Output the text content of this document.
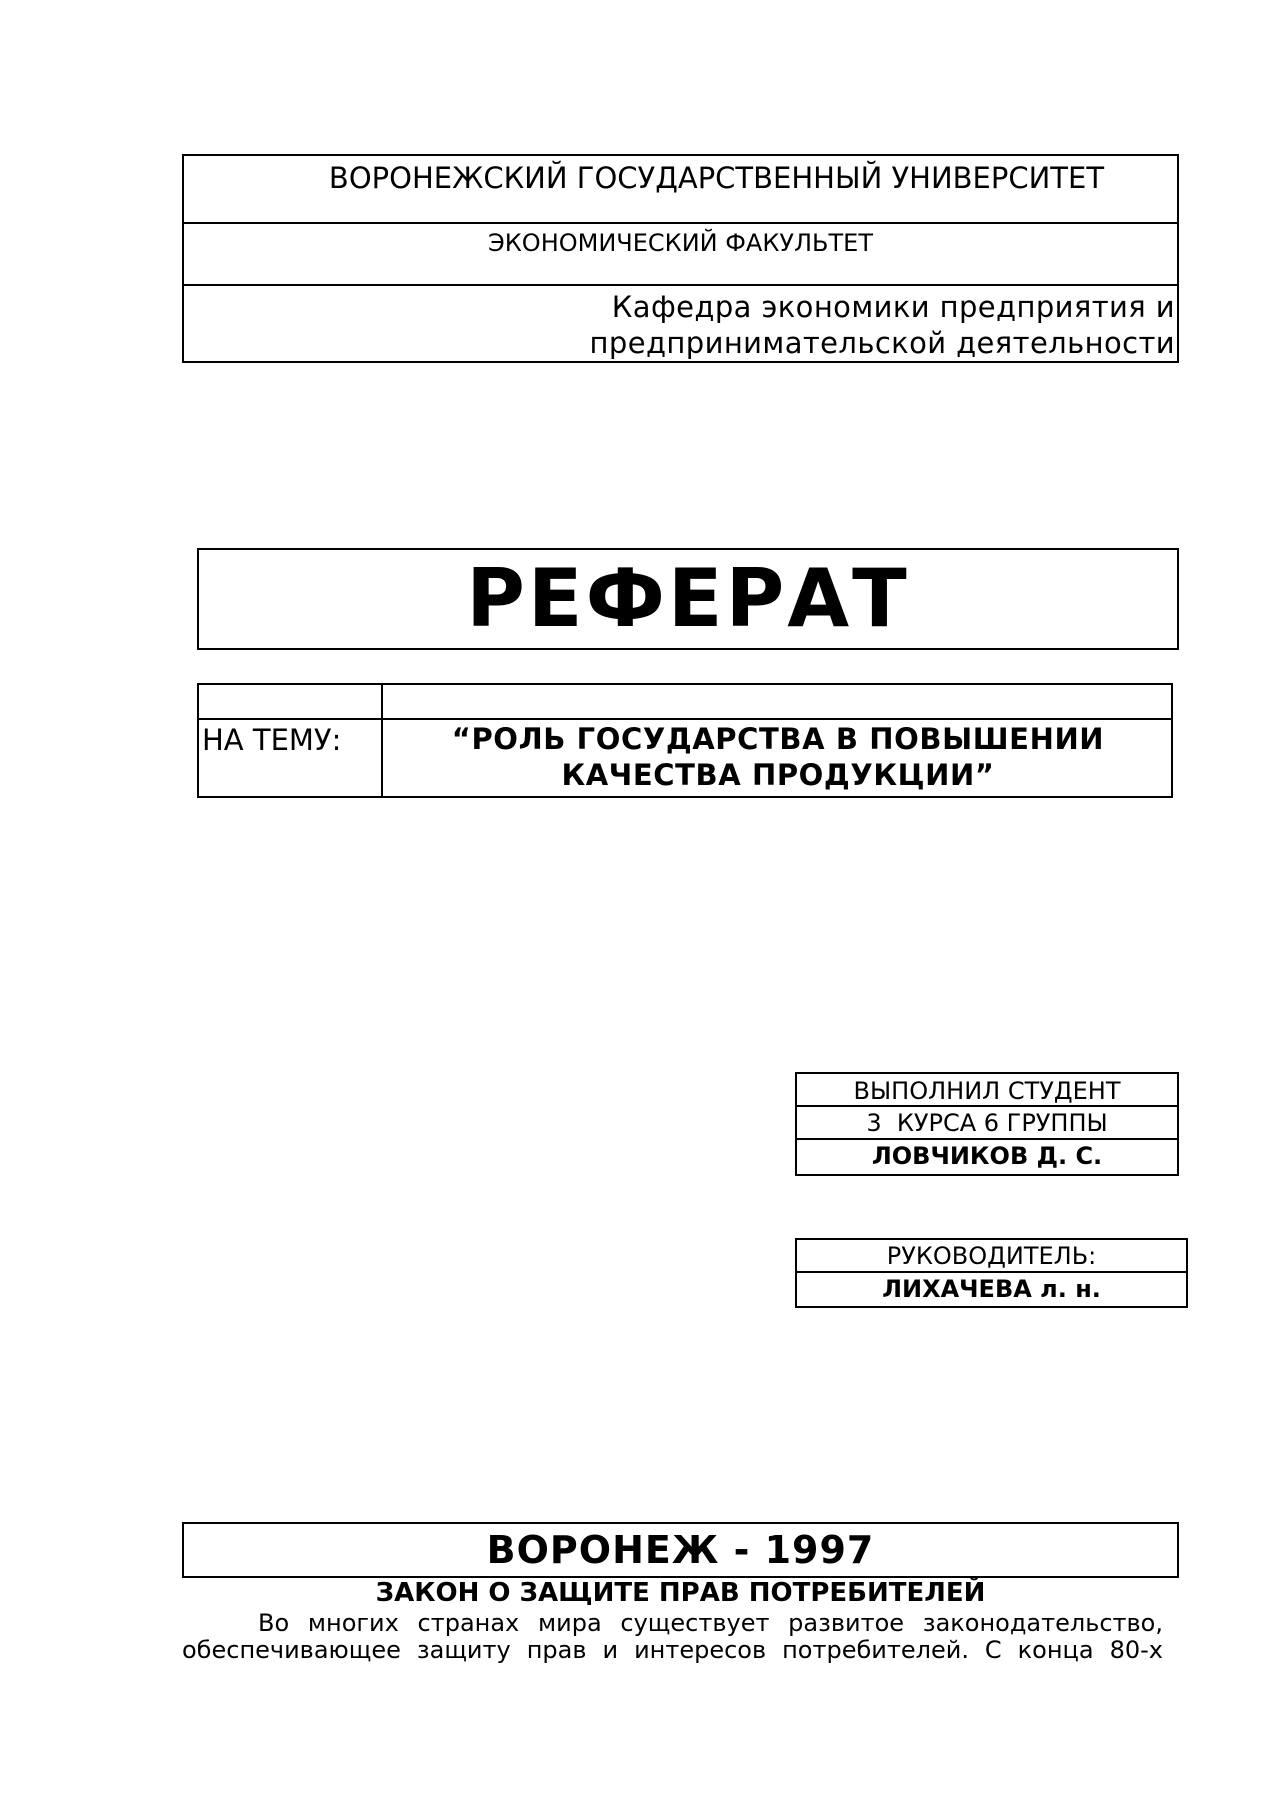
ВОРОНЕЖСКИЙ ГОСУДАРСТВЕННЫЙ УНИВЕРСИТЕТ
ЭКОНОМИЧЕСКИЙ ФАКУЛЬТЕТ
Кафедра экономики предприятия и
предпринимательской деятельности
РЕФЕРАТ
НА ТЕМУ:	“РОЛЬ ГОСУДАРСТВА В ПОВЫШЕНИИ
КАЧЕСТВА ПРОДУКЦИИ”
ВЫПОЛНИЛ СТУДЕНТ
3  КУРСА 6 ГРУППЫ
ЛОВЧИКОВ Д. С.
РУКОВОДИТЕЛЬ:
ЛИХАЧЕВА л. н.
ВОРОНЕЖ - 1997
ЗАКОН О ЗАЩИТЕ ПРАВ ПОТРЕБИТЕЛЕЙ
Во многих странах мира существует развитое законодательство,
обеспечивающее защиту прав и интересов потребителей. С конца 80-х
